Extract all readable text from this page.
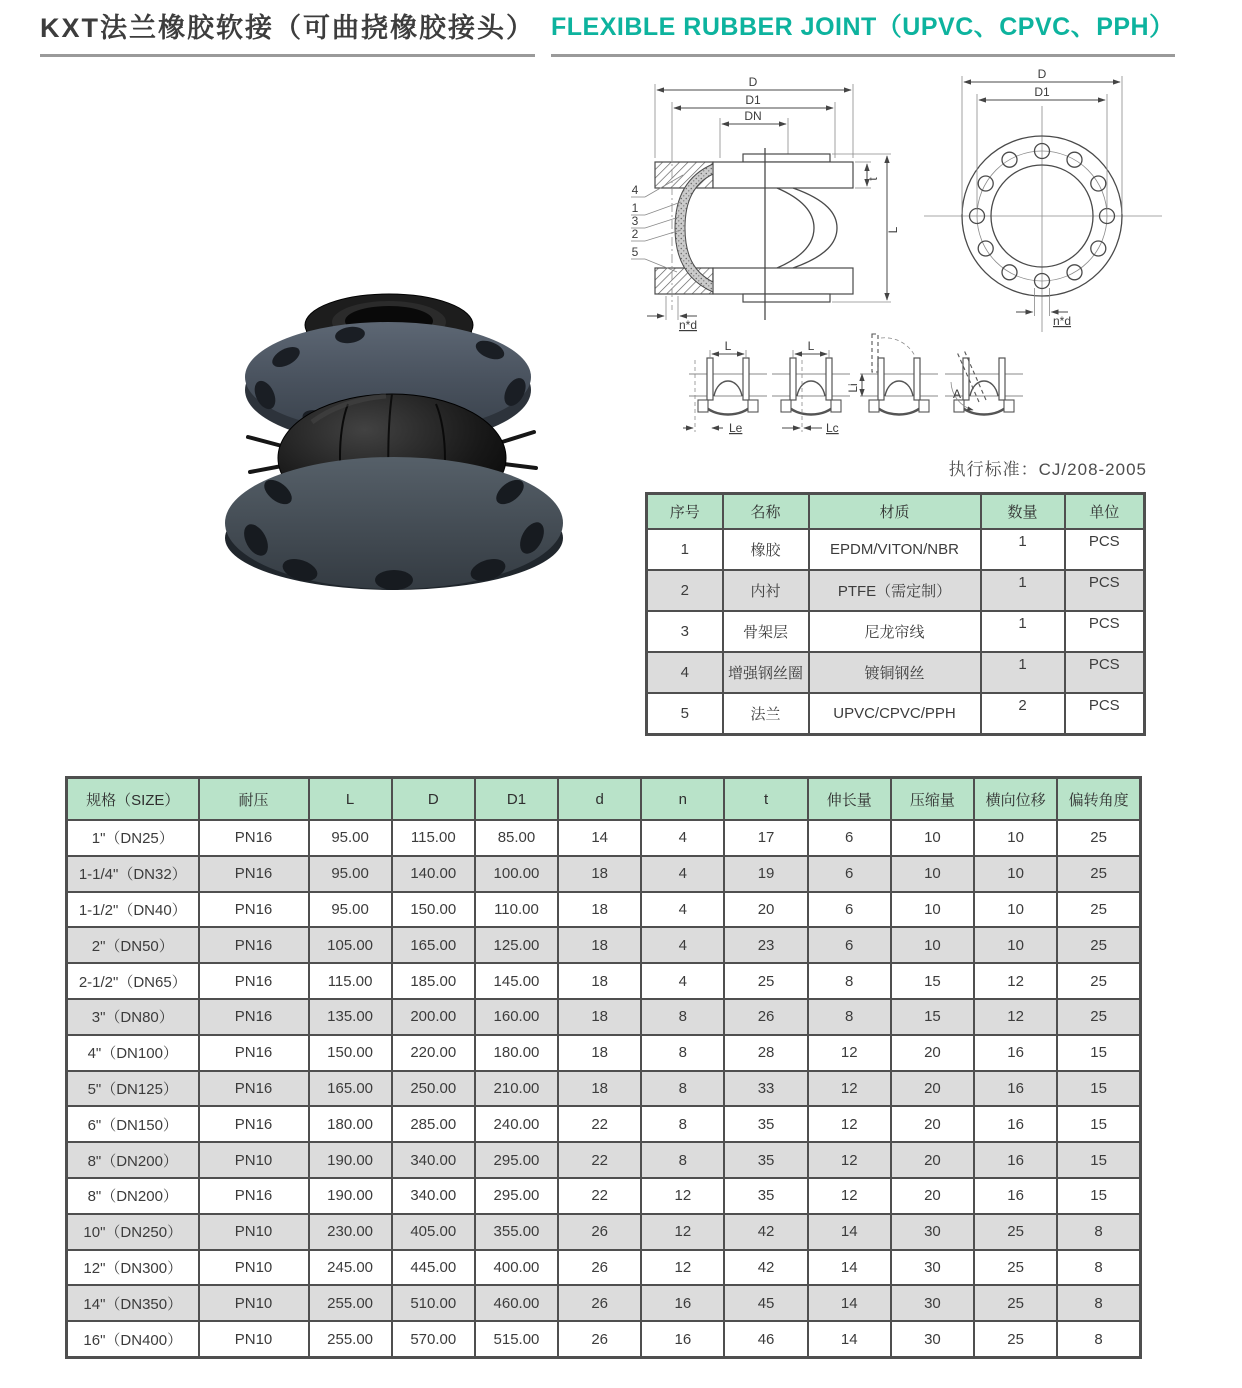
KXT法兰橡胶软接（可曲挠橡胶接头） FLEXIBLE RUBBER JOINT（UPVC、CPVC、PPH）
D
D1
DN
t
L
n*d
4
1
3
2
5
D
D1
n*d
L
Le
L
Lc
Li	A
执行标准：CJ/208-2005
序号	名称	材质	数量	单位
1	橡胶	EPDM/VITON/NBR	1	PCS
2	内衬	PTFE（需定制）	1	PCS
3	骨架层	尼龙帘线	1	PCS
4	增强钢丝圈	镀铜钢丝	1	PCS
5	法兰	UPVC/CPVC/PPH	2	PCS
规格（SIZE）	耐压	L	D	D1	d	n	t	伸长量	压缩量	横向位移	偏转角度
1"（DN25）	PN16	95.00	115.00	85.00	14	4	17	6	10	10	25
1-1/4"（DN32）	PN16	95.00	140.00	100.00	18	4	19	6	10	10	25
1-1/2"（DN40）	PN16	95.00	150.00	110.00	18	4	20	6	10	10	25
2"（DN50）	PN16	105.00	165.00	125.00	18	4	23	6	10	10	25
2-1/2"（DN65）	PN16	115.00	185.00	145.00	18	4	25	8	15	12	25
3"（DN80）	PN16	135.00	200.00	160.00	18	8	26	8	15	12	25
4"（DN100）	PN16	150.00	220.00	180.00	18	8	28	12	20	16	15
5"（DN125）	PN16	165.00	250.00	210.00	18	8	33	12	20	16	15
6"（DN150）	PN16	180.00	285.00	240.00	22	8	35	12	20	16	15
8"（DN200）	PN10	190.00	340.00	295.00	22	8	35	12	20	16	15
8"（DN200）	PN16	190.00	340.00	295.00	22	12	35	12	20	16	15
10"（DN250）	PN10	230.00	405.00	355.00	26	12	42	14	30	25	8
12"（DN300）	PN10	245.00	445.00	400.00	26	12	42	14	30	25	8
14"（DN350）	PN10	255.00	510.00	460.00	26	16	45	14	30	25	8
16"（DN400）	PN10	255.00	570.00	515.00	26	16	46	14	30	25	8
